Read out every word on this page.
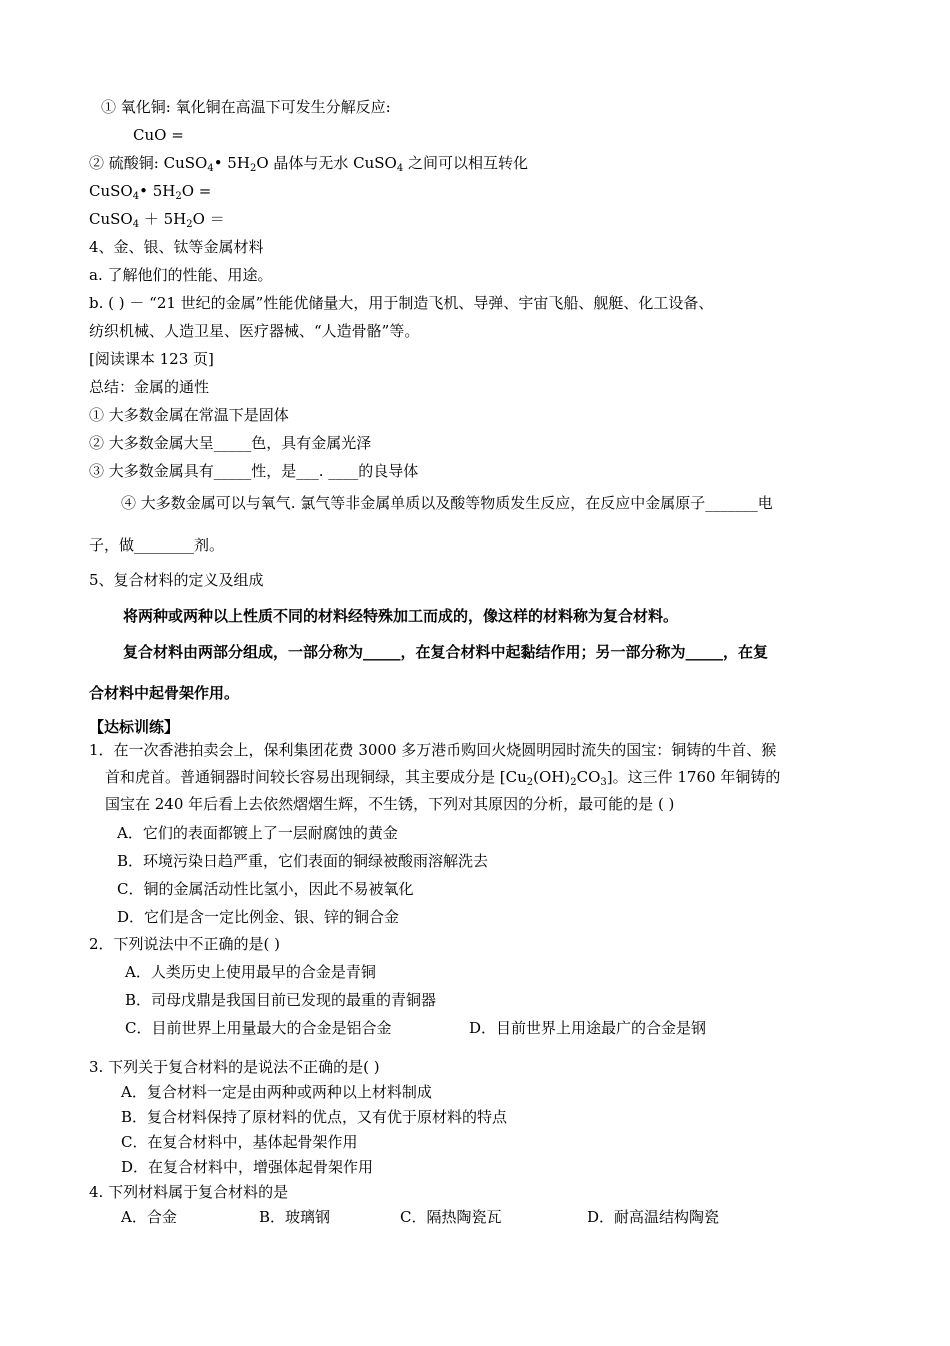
① 氧化铜: 氧化铜在高温下可发生分解反应:
CuO =
② 硫酸铜: CuSO$_4$• $5H_2O$ 晶体与无水 CuSO$_4$ 之间可以相互转化
CuSO$_4$• $5H_2O$ =
CuSO$_4$ ＋ $5H_2O$ ＝
4、金、银、钛等金属材料
a. 了解他们的性能、用途。
b. ( ) － “21 世纪的金属”性能优储量大，用于制造飞机、导弹、宇宙飞船、舰艇、化工设备、
纺织机械、人造卫星、医疗器械、“人造骨骼”等。
[阅读课本 123 页]
总结：金属的通性
① 大多数金属在常温下是固体
② 大多数金属大呈_____色，具有金属光泽
③ 大多数金属具有_____性，是___. ____的良导体
④ 大多数金属可以与氧气. 氯气等非金属单质以及酸等物质发生反应，在反应中金属原子_______电
子，做________剂。
5、复合材料的定义及组成
将两种或两种以上性质不同的材料经特殊加工而成的，像这样的材料称为复合材料。
复合材料由两部分组成，一部分称为_____，在复合材料中起黏结作用；另一部分称为_____，在复
合材料中起骨架作用。
【达标训练】
1．在一次香港拍卖会上，保利集团花费 3000 多万港币购回火烧圆明园时流失的国宝：铜铸的牛首、猴
首和虎首。普通铜器时间较长容易出现铜绿，其主要成分是 $[Cu_2(OH)_2CO_3]$。这三件 1760 年铜铸的
国宝在 240 年后看上去依然熠熠生辉，不生锈，下列对其原因的分析，最可能的是 ( )
A．它们的表面都镀上了一层耐腐蚀的黄金
B．环境污染日趋严重，它们表面的铜绿被酸雨溶解洗去
C．铜的金属活动性比氢小，因此不易被氧化
D．它们是含一定比例金、银、锌的铜合金
2．下列说法中不正确的是( )
A．人类历史上使用最早的合金是青铜
B．司母戊鼎是我国目前已发现的最重的青铜器
C．目前世界上用量最大的合金是铝合金	D．目前世界上用途最广的合金是钢
3. 下列关于复合材料的是说法不正确的是( )
A．复合材料一定是由两种或两种以上材料制成
B．复合材料保持了原材料的优点，又有优于原材料的特点
C．在复合材料中，基体起骨架作用
D．在复合材料中，增强体起骨架作用
4. 下列材料属于复合材料的是
A．合金	B．玻璃钢	C．隔热陶瓷瓦	D．耐高温结构陶瓷
